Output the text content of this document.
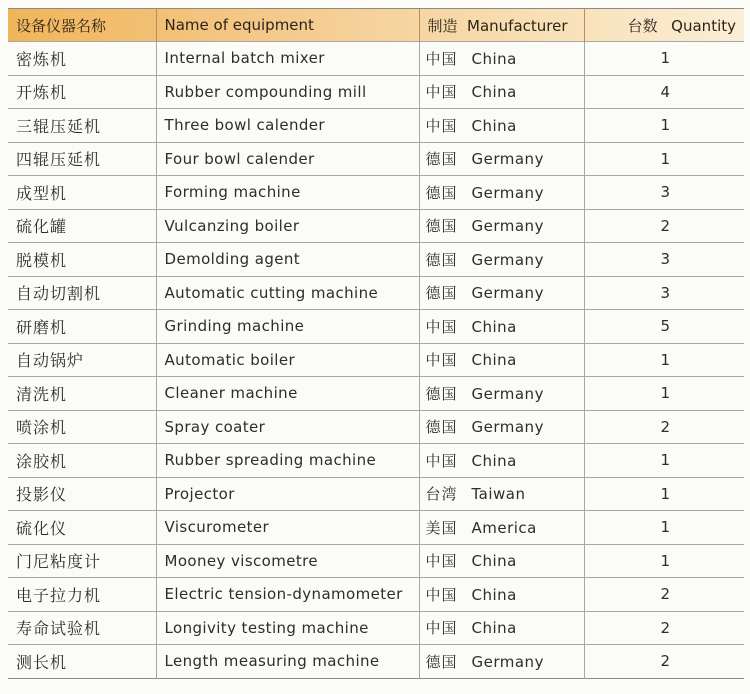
设备仪器名称	Name of equipment	制造  Manufacturer	台数  Quantity
密炼机	Internal batch mixer	中国 China	1
开炼机	Rubber compounding mill	中国 China	4
三辊压延机	Three bowl calender	中国 China	1
四辊压延机	Four bowl calender	德国 Germany	1
成型机	Forming machine	德国 Germany	3
硫化罐	Vulcanzing boiler	德国 Germany	2
脱模机	Demolding agent	德国 Germany	3
自动切割机	Automatic cutting machine	德国 Germany	3
研磨机	Grinding machine	中国 China	5
自动锅炉	Automatic boiler	中国 China	1
清洗机	Cleaner machine	德国 Germany	1
喷涂机	Spray coater	德国 Germany	2
涂胶机	Rubber spreading machine	中国 China	1
投影仪	Projector	台湾 Taiwan	1
硫化仪	Viscurometer	美国 America	1
门尼粘度计	Mooney viscometre	中国 China	1
电子拉力机	Electric tension-dynamometer	中国 China	2
寿命试验机	Longivity testing machine	中国 China	2
测长机	Length measuring machine	德国 Germany	2
